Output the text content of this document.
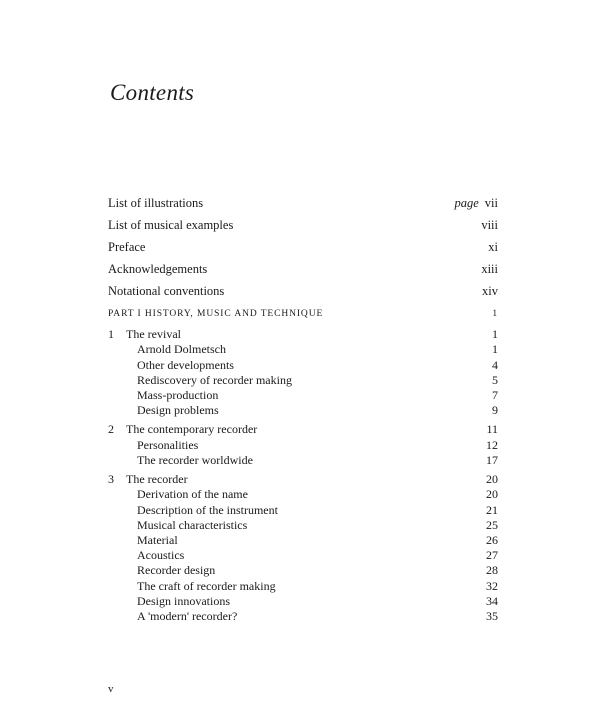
Contents
List of illustrations	page vii
List of musical examples	viii
Preface	xi
Acknowledgements	xiii
Notational conventions	xiv
PART I HISTORY, MUSIC AND TECHNIQUE	1
1 The revival	1
Arnold Dolmetsch	1
Other developments	4
Rediscovery of recorder making	5
Mass-production	7
Design problems	9
2 The contemporary recorder	11
Personalities	12
The recorder worldwide	17
3 The recorder	20
Derivation of the name	20
Description of the instrument	21
Musical characteristics	25
Material	26
Acoustics	27
Recorder design	28
The craft of recorder making	32
Design innovations	34
A 'modern' recorder?	35
v
